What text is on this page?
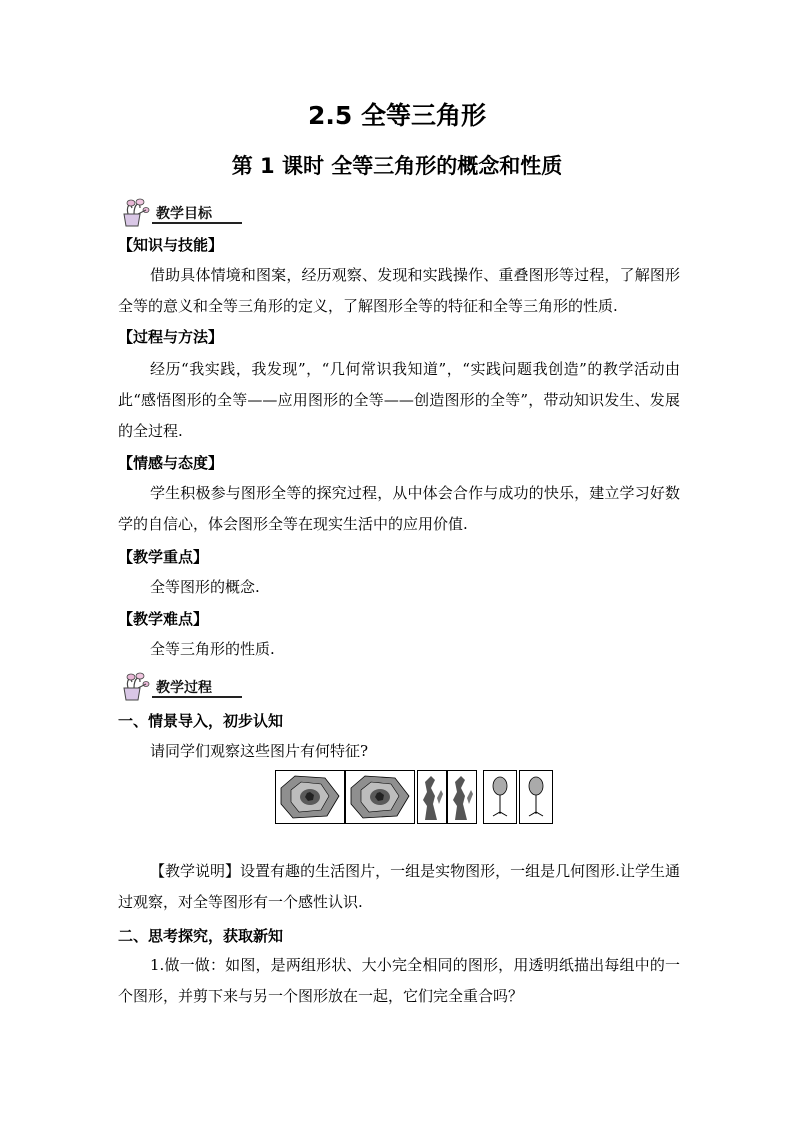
2.5 全等三角形
第 1 课时 全等三角形的概念和性质
教学目标
【知识与技能】
借助具体情境和图案，经历观察、发现和实践操作、重叠图形等过程，了解图形全等的意义和全等三角形的定义，了解图形全等的特征和全等三角形的性质.
【过程与方法】
经历“我实践，我发现”，“几何常识我知道”，“实践问题我创造”的教学活动由此“感悟图形的全等——应用图形的全等——创造图形的全等”，带动知识发生、发展的全过程.
【情感与态度】
学生积极参与图形全等的探究过程，从中体会合作与成功的快乐，建立学习好数学的自信心，体会图形全等在现实生活中的应用价值.
【教学重点】
全等图形的概念.
【教学难点】
全等三角形的性质.
教学过程
一、情景导入，初步认知
请同学们观察这些图片有何特征?
【教学说明】设置有趣的生活图片，一组是实物图形，一组是几何图形.让学生通过观察，对全等图形有一个感性认识.
二、思考探究，获取新知
1.做一做：如图，是两组形状、大小完全相同的图形，用透明纸描出每组中的一个图形，并剪下来与另一个图形放在一起，它们完全重合吗？
